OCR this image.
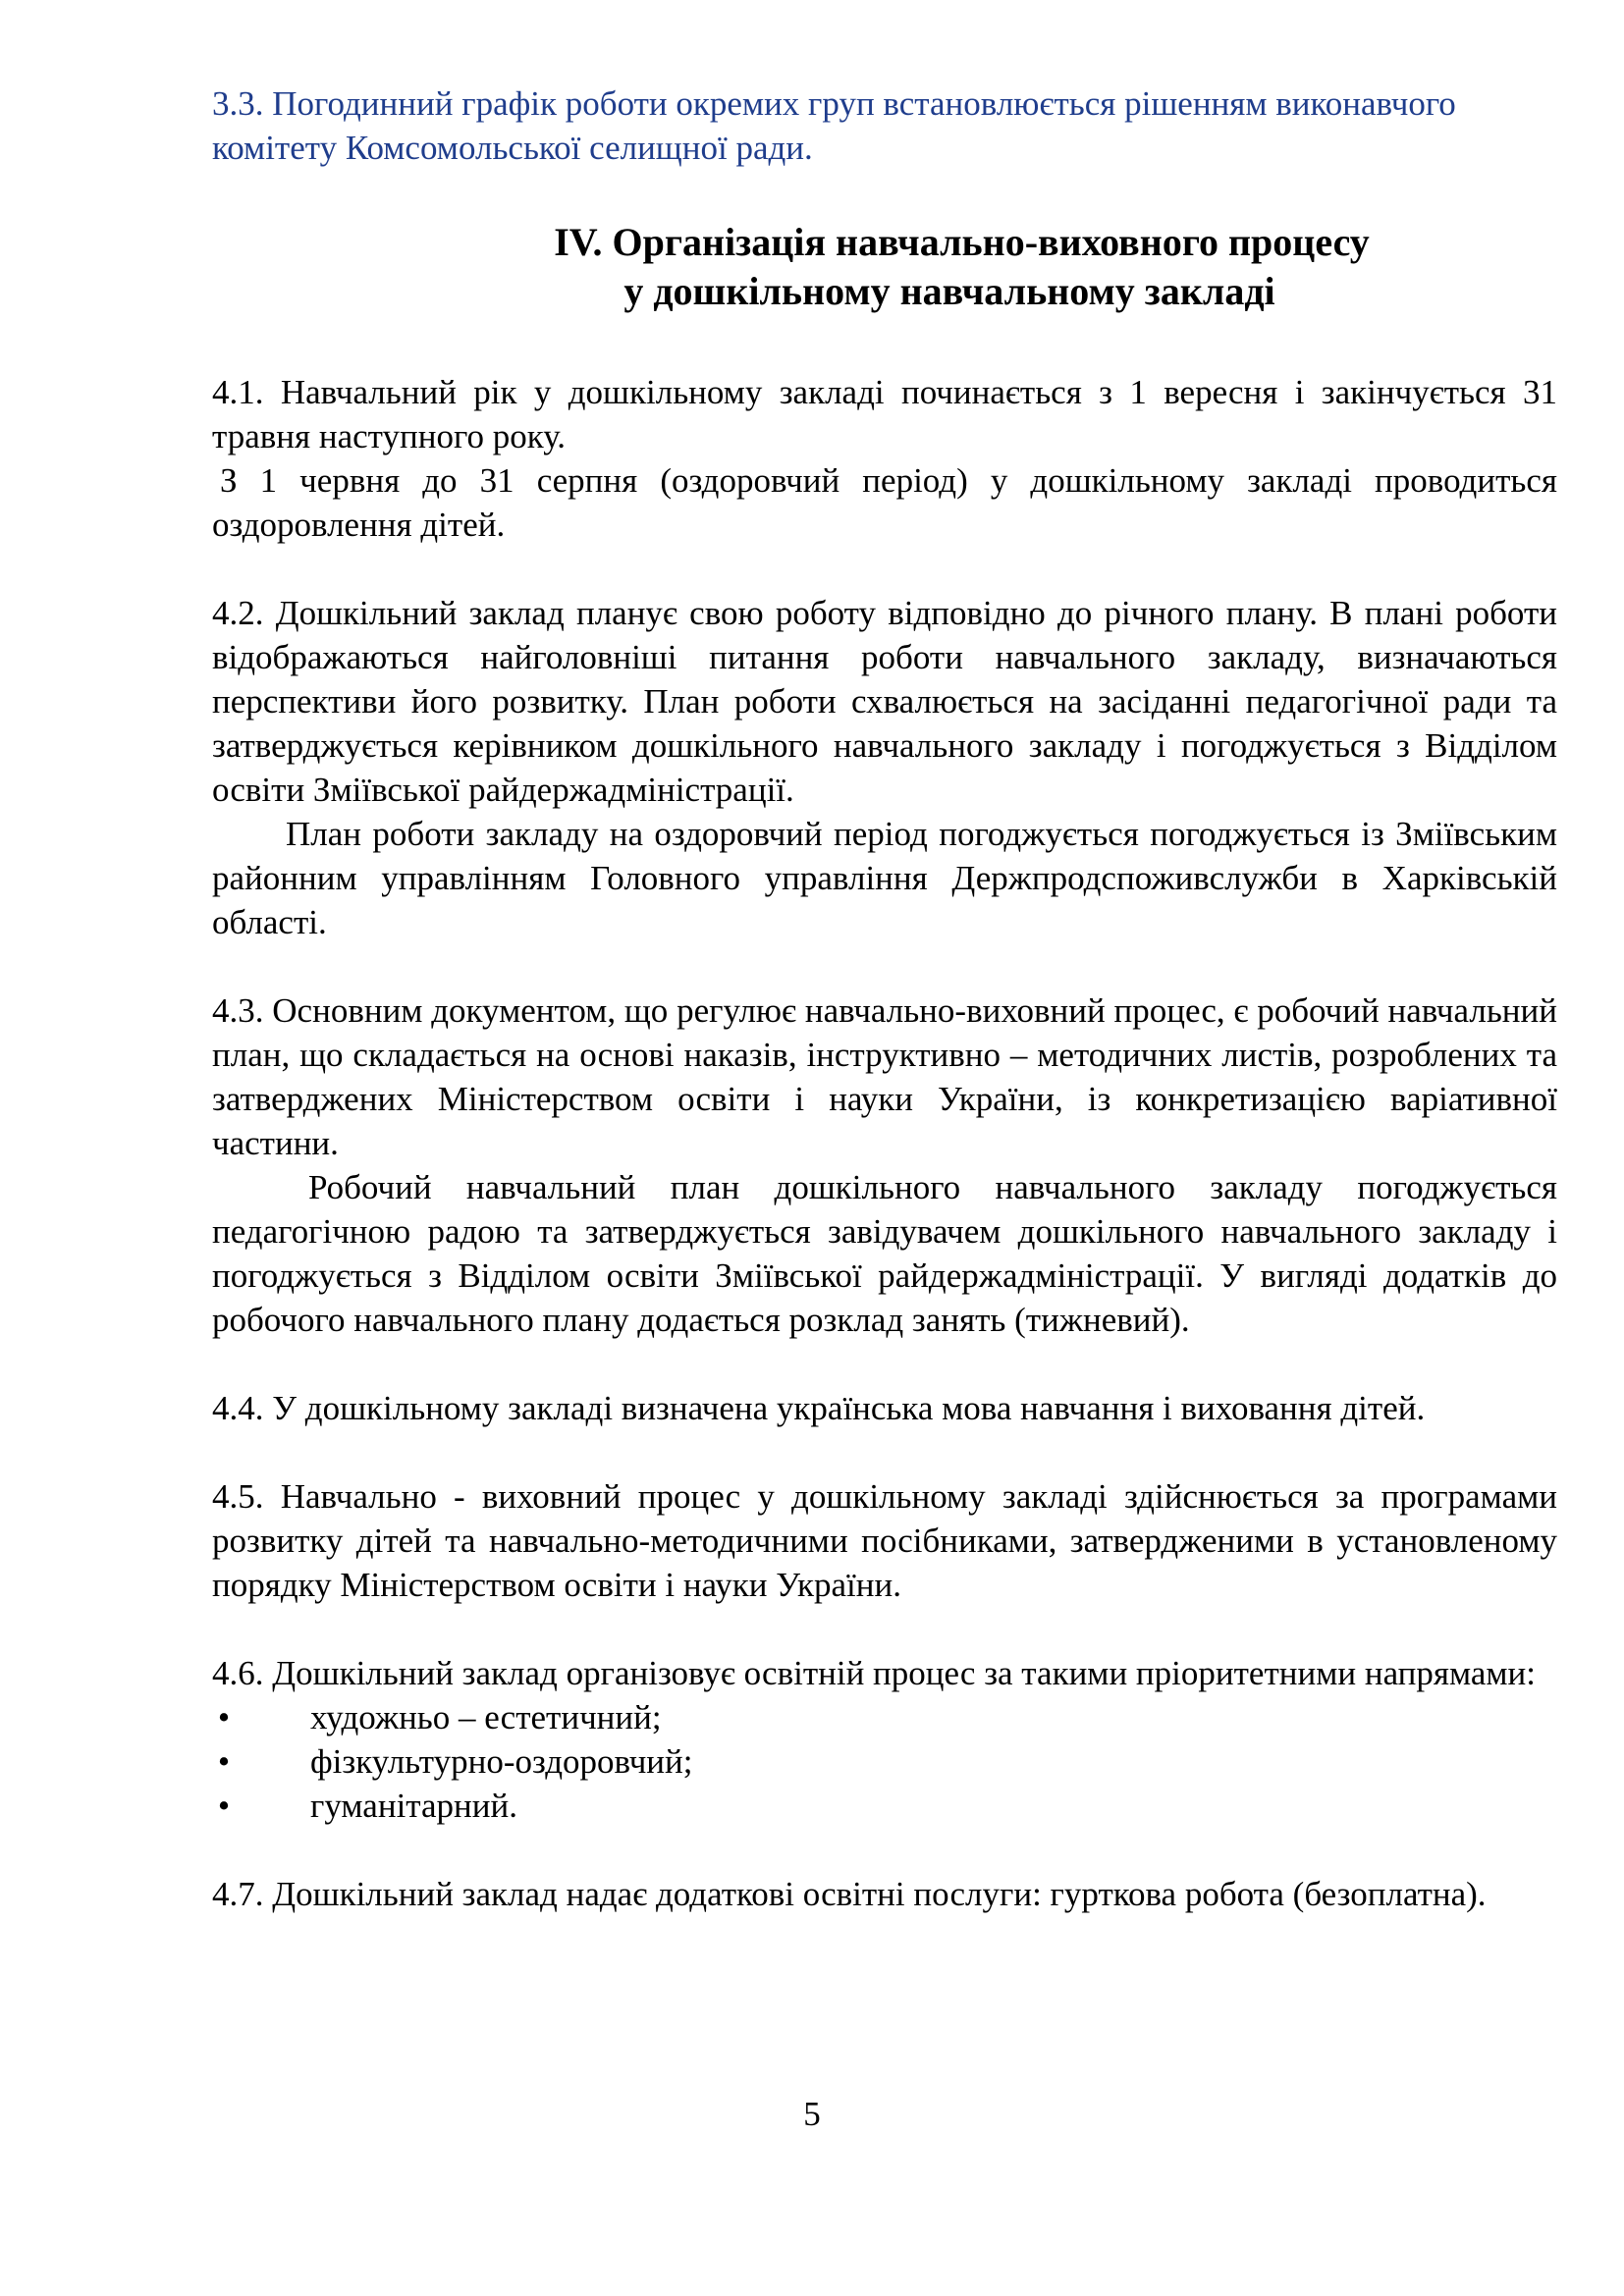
3.3. Погодинний графік роботи окремих груп встановлюється рішенням виконавчого комітету Комсомольської селищної ради.
IV. Організація навчально-виховного процесу
у дошкільному навчальному закладі

4.1. Навчальний рік у дошкільному закладі починається з 1 вересня і закінчується 31 травня наступного року.

З 1 червня до 31 серпня (оздоровчий період) у дошкільному закладі проводиться оздоровлення дітей.

4.2. Дошкільний заклад планує свою роботу відповідно до річного плану. В плані роботи відображаються найголовніші питання роботи навчального закладу, визначаються перспективи його розвитку. План роботи схвалюється на засіданні педагогічної ради та затверджується керівником дошкільного навчального закладу і погоджується з Відділом освіти Зміївської райдержадміністрації.

План роботи закладу на оздоровчий період погоджується погоджується із Зміївським районним управлінням Головного управління Держпродспоживслужби в Харківській області.

4.3. Основним документом, що регулює навчально-виховний процес, є робочий навчальний план, що складається на основі наказів, інструктивно – методичних листів, розроблених та затверджених Міністерством освіти і науки України, із конкретизацією варіативної частини.

Робочий навчальний план дошкільного навчального закладу погоджується педагогічною радою та затверджується завідувачем дошкільного навчального закладу і погоджується з Відділом освіти Зміївської райдержадміністрації. У вигляді додатків до робочого навчального плану додається розклад занять (тижневий).

4.4. У дошкільному закладі визначена українська мова навчання і виховання дітей.

4.5. Навчально - виховний процес у дошкільному закладі здійснюється за програмами розвитку дітей та навчально-методичними посібниками, затвердженими в установленому порядку Міністерством освіти і науки України.

4.6. Дошкільний заклад організовує освітній процес за такими пріоритетними напрямами:

• художньо – естетичний;
• фізкультурно-оздоровчий;
• гуманітарний.

4.7. Дошкільний заклад надає додаткові освітні послуги: гурткова робота (безоплатна).

5
